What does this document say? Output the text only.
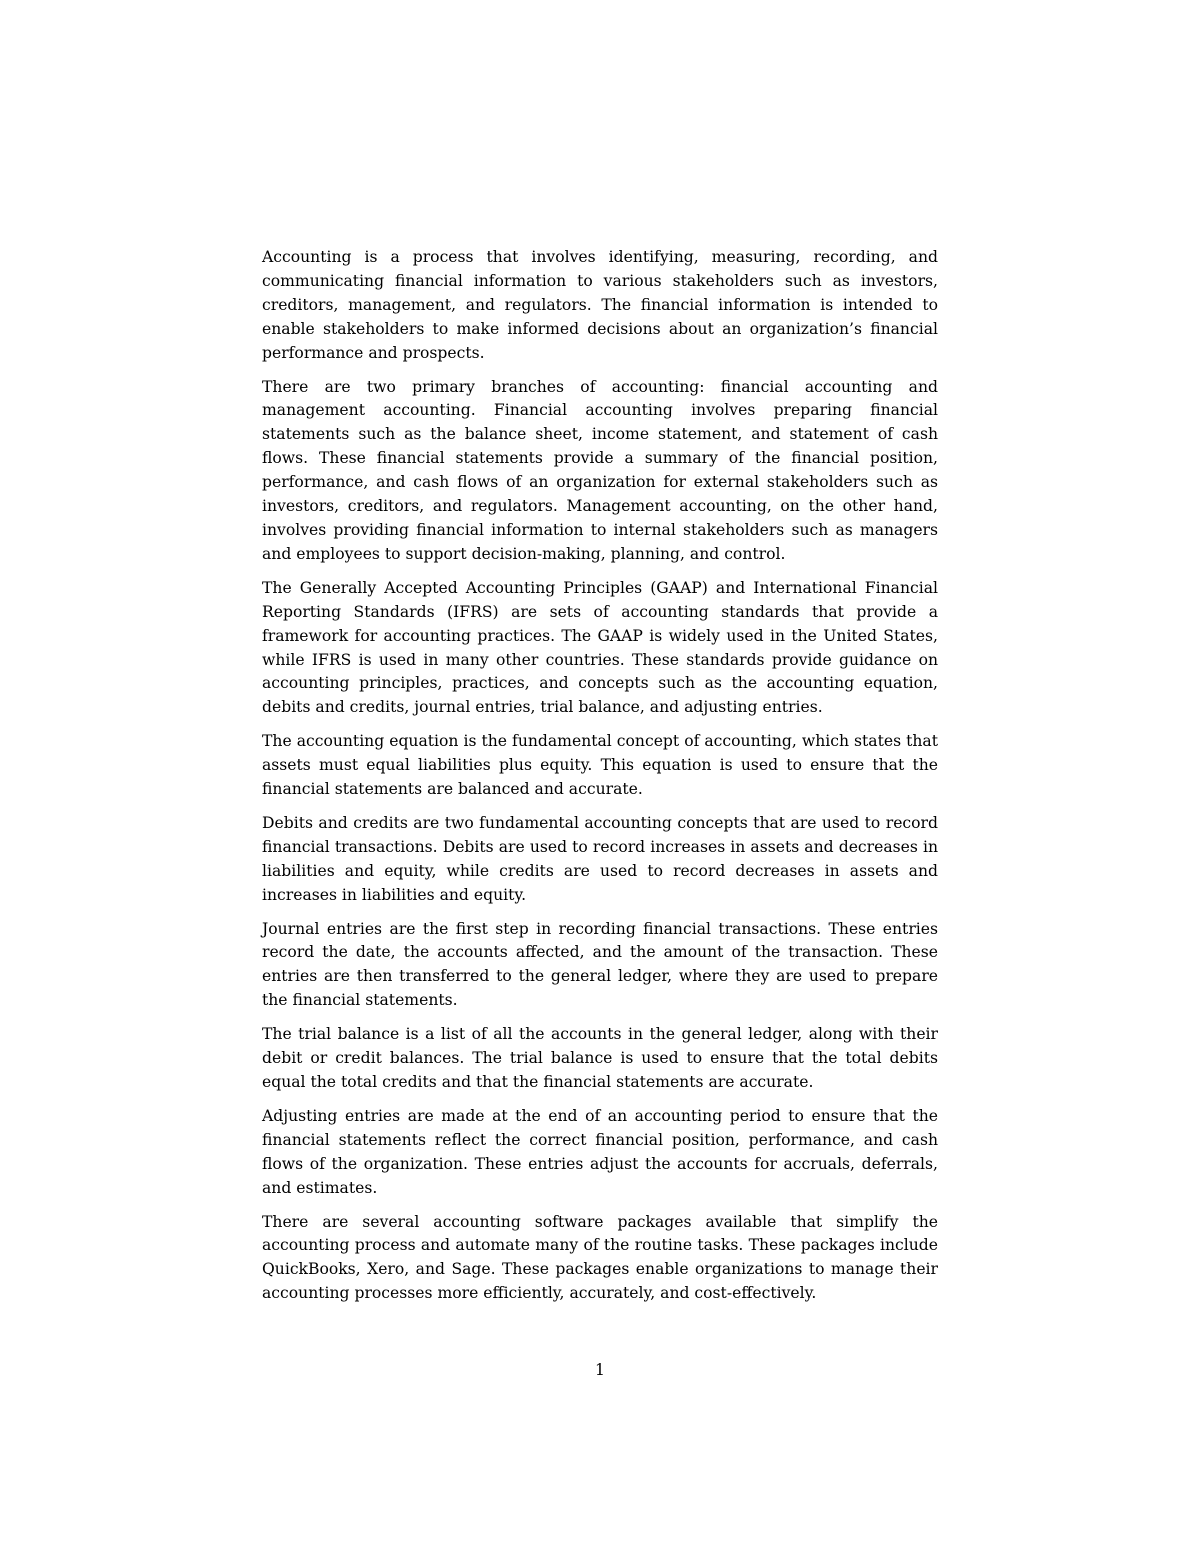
Accounting is a process that involves identifying, measuring, recording, and communicating financial information to various stakeholders such as investors, creditors, management, and regulators. The financial information is intended to enable stakeholders to make informed decisions about an organization’s financial performance and prospects.

There are two primary branches of accounting: financial accounting and management accounting. Financial accounting involves preparing financial statements such as the balance sheet, income statement, and statement of cash flows. These financial statements provide a summary of the financial position, performance, and cash flows of an organization for external stakeholders such as investors, creditors, and regulators. Management accounting, on the other hand, involves providing financial information to internal stakeholders such as managers and employees to support decision-making, planning, and control.

The Generally Accepted Accounting Principles (GAAP) and International Financial Reporting Standards (IFRS) are sets of accounting standards that provide a framework for accounting practices. The GAAP is widely used in the United States, while IFRS is used in many other countries. These standards provide guidance on accounting principles, practices, and concepts such as the accounting equation, debits and credits, journal entries, trial balance, and adjusting entries.

The accounting equation is the fundamental concept of accounting, which states that assets must equal liabilities plus equity. This equation is used to ensure that the financial statements are balanced and accurate.

Debits and credits are two fundamental accounting concepts that are used to record financial transactions. Debits are used to record increases in assets and decreases in liabilities and equity, while credits are used to record decreases in assets and increases in liabilities and equity.

Journal entries are the first step in recording financial transactions. These entries record the date, the accounts affected, and the amount of the transaction. These entries are then transferred to the general ledger, where they are used to prepare the financial statements.

The trial balance is a list of all the accounts in the general ledger, along with their debit or credit balances. The trial balance is used to ensure that the total debits equal the total credits and that the financial statements are accurate.

Adjusting entries are made at the end of an accounting period to ensure that the financial statements reflect the correct financial position, performance, and cash flows of the organization. These entries adjust the accounts for accruals, deferrals, and estimates.

There are several accounting software packages available that simplify the accounting process and automate many of the routine tasks. These packages include QuickBooks, Xero, and Sage. These packages enable organizations to manage their accounting processes more efficiently, accurately, and cost-effectively.

1
